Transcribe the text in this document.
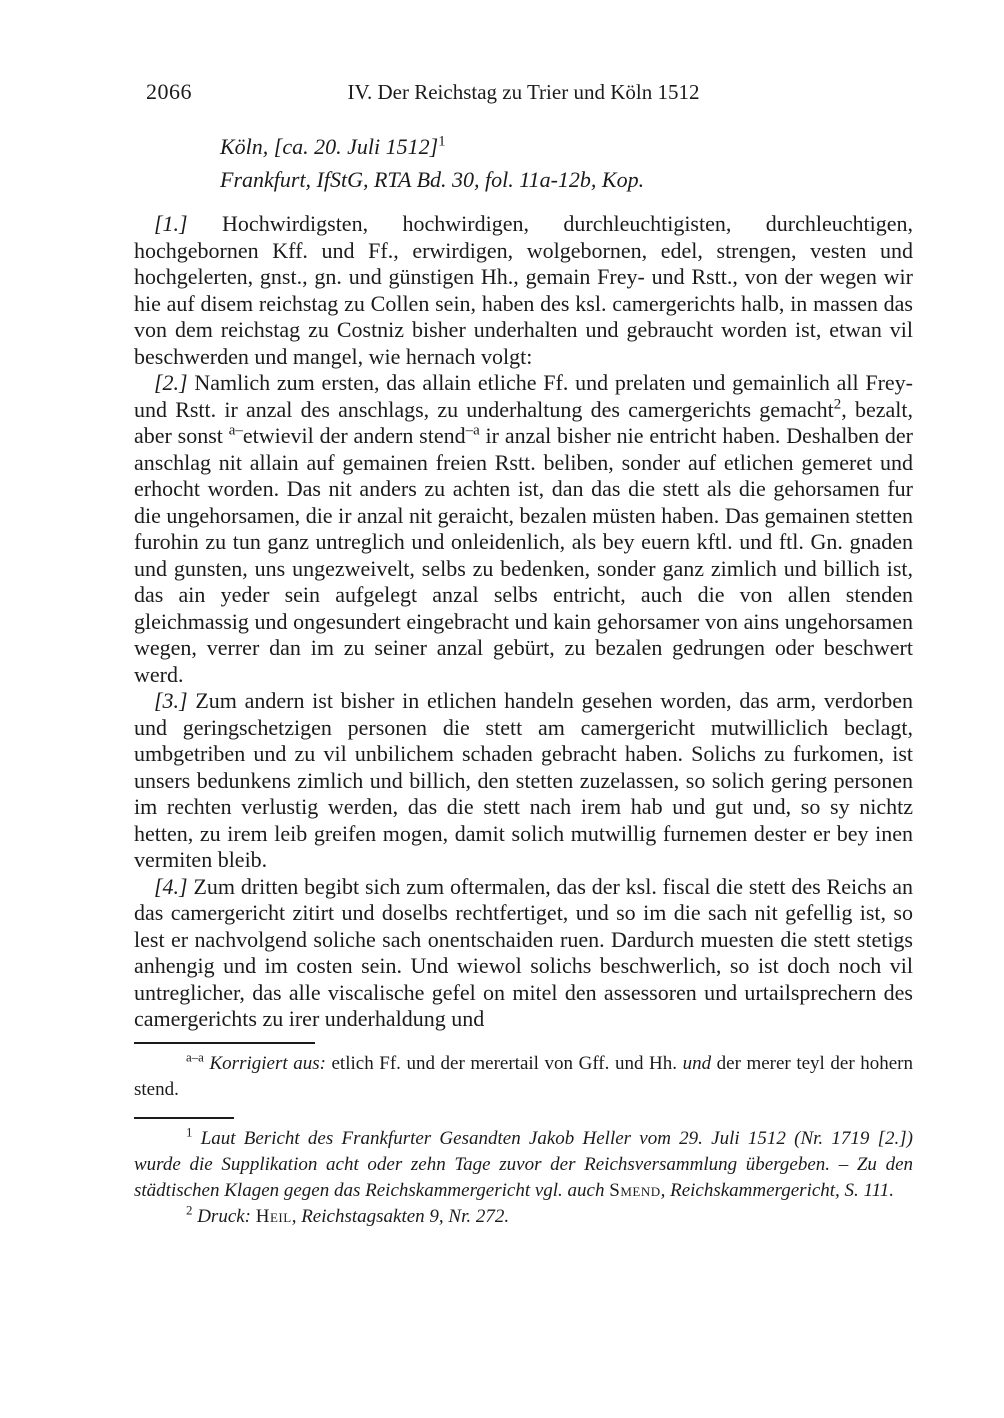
2066	IV. Der Reichstag zu Trier und Köln 1512

Köln, [ca. 20. Juli 1512]$^1$

Frankfurt, IfStG, RTA Bd. 30, fol. 11a-12b, Kop.

[1.] Hochwirdigsten, hochwirdigen, durchleuchtigisten, durchleuchtigen, hochgebornen Kff. und Ff., erwirdigen, wolgebornen, edel, strengen, vesten und hochgelerten, gnst., gn. und günstigen Hh., gemain Frey- und Rstt., von der wegen wir hie auf disem reichstag zu Collen sein, haben des ksl. camergerichts halb, in massen das von dem reichstag zu Costniz bisher underhalten und gebraucht worden ist, etwan vil beschwerden und mangel, wie hernach volgt:

[2.] Namlich zum ersten, das allain etliche Ff. und prelaten und gemainlich all Frey- und Rstt. ir anzal des anschlags, zu underhaltung des camergerichts gemacht$^2$, bezalt, aber sonst $^{a-}$etwievil der andern stend$^{-a}$ ir anzal bisher nie entricht haben. Deshalben der anschlag nit allain auf gemainen freien Rstt. beliben, sonder auf etlichen gemeret und erhocht worden. Das nit anders zu achten ist, dan das die stett als die gehorsamen fur die ungehorsamen, die ir anzal nit geraicht, bezalen müsten haben. Das gemainen stetten furohin zu tun ganz untreglich und onleidenlich, als bey euern kftl. und ftl. Gn. gnaden und gunsten, uns ungezweivelt, selbs zu bedenken, sonder ganz zimlich und billich ist, das ain yeder sein aufgelegt anzal selbs entricht, auch die von allen stenden gleichmassig und ongesundert eingebracht und kain gehorsamer von ains ungehorsamen wegen, verrer dan im zu seiner anzal gebürt, zu bezalen gedrungen oder beschwert werd.

[3.] Zum andern ist bisher in etlichen handeln gesehen worden, das arm, verdorben und geringschetzigen personen die stett am camergericht mutwilliclich beclagt, umbgetriben und zu vil unbilichem schaden gebracht haben. Solichs zu furkomen, ist unsers bedunkens zimlich und billich, den stetten zuzelassen, so solich gering personen im rechten verlustig werden, das die stett nach irem hab und gut und, so sy nichtz hetten, zu irem leib greifen mogen, damit solich mutwillig furnemen dester er bey inen vermiten bleib.

[4.] Zum dritten begibt sich zum oftermalen, das der ksl. fiscal die stett des Reichs an das camergericht zitirt und doselbs rechtfertiget, und so im die sach nit gefellig ist, so lest er nachvolgend soliche sach onentschaiden ruen. Dardurch muesten die stett stetigs anhengig und im costen sein. Und wiewol solichs beschwerlich, so ist doch noch vil untreglicher, das alle viscalische gefel on mitel den assessoren und urtailsprechern des camergerichts zu irer underhaldung und

$^{a-a}$ Korrigiert aus: etlich Ff. und der merertail von Gff. und Hh. und der merer teyl der hohern stend.

$^1$ Laut Bericht des Frankfurter Gesandten Jakob Heller vom 29. Juli 1512 (Nr. 1719 [2.]) wurde die Supplikation acht oder zehn Tage zuvor der Reichsversammlung übergeben. – Zu den städtischen Klagen gegen das Reichskammergericht vgl. auch Smend, Reichskammergericht, S. 111.

$^2$ Druck: Heil, Reichstagsakten 9, Nr. 272.
